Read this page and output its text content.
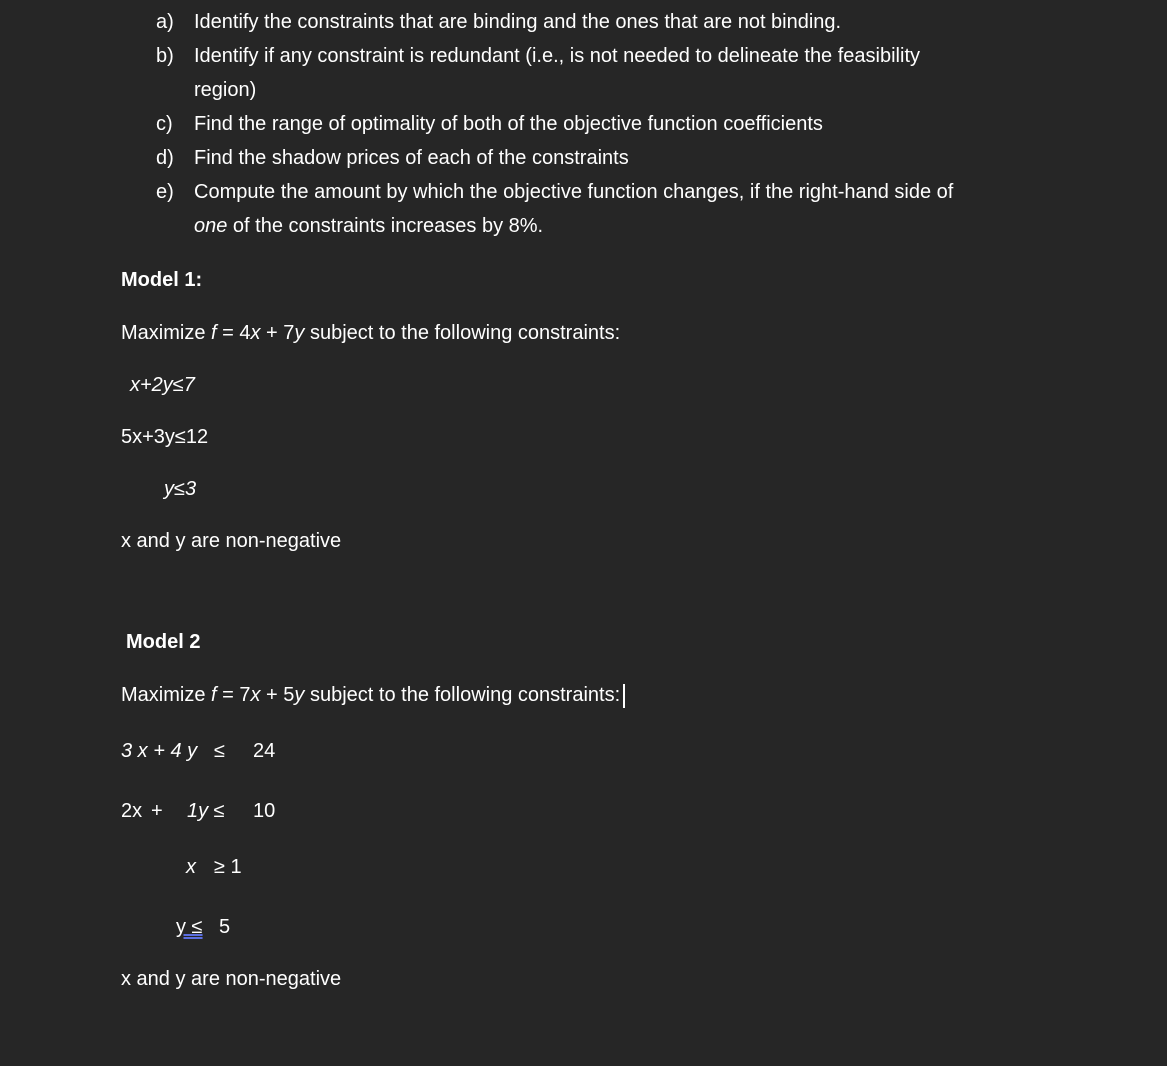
a) Identify the constraints that are binding and the ones that are not binding.
b) Identify if any constraint is redundant (i.e., is not needed to delineate the feasibility
region)
c) Find the range of optimality of both of the objective function coefficients
d) Find the shadow prices of each of the constraints
e) Compute the amount by which the objective function changes, if the right-hand side of
one of the constraints increases by 8%.
Model 1:
Maximize f = 4x + 7y subject to the following constraints:
x+2y≤7
5x+3y≤12
y≤3
x and y are non-negative
Model 2
Maximize f = 7x + 5y subject to the following constraints:
3 x + 4 y ≤ 24
2x + 1y ≤ 10
x ≥ 1
y ≤ 5
x and y are non-negative
